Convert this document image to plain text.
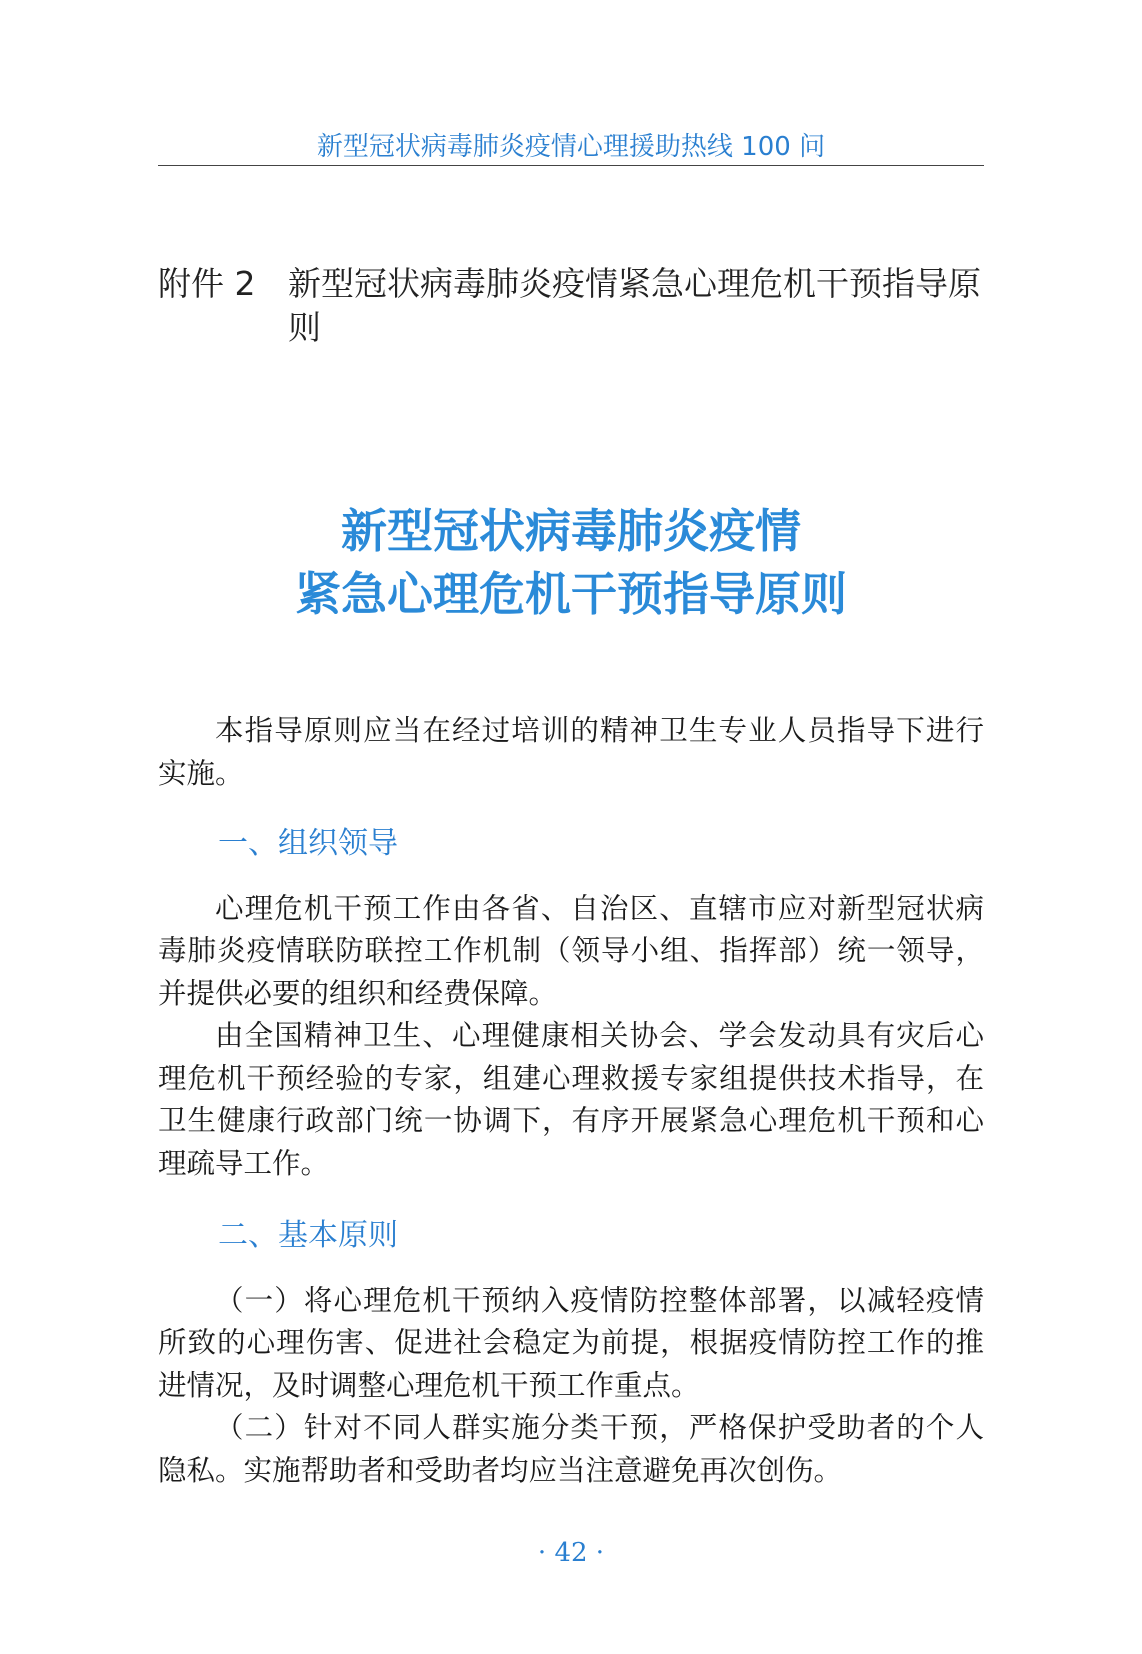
新型冠状病毒肺炎疫情心理援助热线 100 问
附件 2 新型冠状病毒肺炎疫情紧急心理危机干预指导原则
新型冠状病毒肺炎疫情
紧急心理危机干预指导原则

本指导原则应当在经过培训的精神卫生专业人员指导下进行实施。

一、组织领导

心理危机干预工作由各省、自治区、直辖市应对新型冠状病毒肺炎疫情联防联控工作机制（领导小组、指挥部）统一领导，并提供必要的组织和经费保障。

由全国精神卫生、心理健康相关协会、学会发动具有灾后心理危机干预经验的专家，组建心理救援专家组提供技术指导，在卫生健康行政部门统一协调下，有序开展紧急心理危机干预和心理疏导工作。

二、基本原则

（一）将心理危机干预纳入疫情防控整体部署，以减轻疫情所致的心理伤害、促进社会稳定为前提，根据疫情防控工作的推进情况，及时调整心理危机干预工作重点。

（二）针对不同人群实施分类干预，严格保护受助者的个人隐私。实施帮助者和受助者均应当注意避免再次创伤。

· 42 ·
